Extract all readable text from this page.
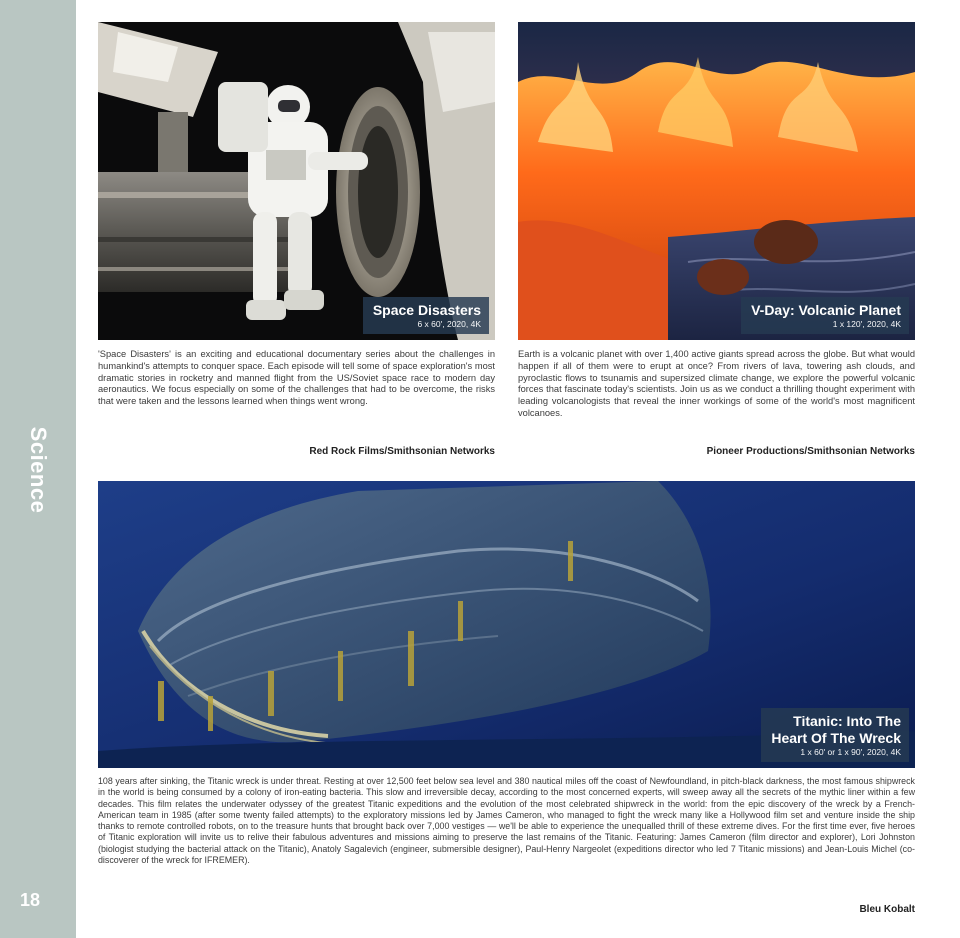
Science
18
Space Disasters
6 x 60', 2020, 4K
'Space Disasters' is an exciting and educational documentary series about the challenges in humankind's attempts to conquer space. Each episode will tell some of space exploration's most dramatic stories in rocketry and manned flight from the US/Soviet space race to modern day aeronautics. We focus especially on some of the challenges that had to be overcome, the risks that were taken and the lessons learned when things went wrong.
Red Rock Films/Smithsonian Networks
V-Day: Volcanic Planet
1 x 120', 2020, 4K
Earth is a volcanic planet with over 1,400 active giants spread across the globe. But what would happen if all of them were to erupt at once? From rivers of lava, towering ash clouds, and pyroclastic flows to tsunamis and supersized climate change, we explore the powerful volcanic forces that fascinate today's scientists. Join us as we conduct a thrilling thought experiment with leading volcanologists that reveal the inner workings of some of the world's most magnificent volcanoes.
Pioneer Productions/Smithsonian Networks
Titanic: Into The
Heart Of The Wreck
1 x 60' or 1 x 90', 2020, 4K
108 years after sinking, the Titanic wreck is under threat. Resting at over 12,500 feet below sea level and 380 nautical miles off the coast of Newfoundland, in pitch-black darkness, the most famous shipwreck in the world is being consumed by a colony of iron-eating bacteria. This slow and irreversible decay, according to the most concerned experts, will sweep away all the secrets of the mythic liner within a few decades. This film relates the underwater odyssey of the greatest Titanic expeditions and the evolution of the most celebrated shipwreck in the world: from the epic discovery of the wreck by a French-American team in 1985 (after some twenty failed attempts) to the exploratory missions led by James Cameron, who managed to fight the wreck many like a Hollywood film set and venture inside the ship thanks to remote controlled robots, on to the treasure hunts that brought back over 7,000 vestiges — we'll be able to experience the unequalled thrill of these extreme dives. For the first time ever, five heroes of Titanic exploration will invite us to relive their fabulous adventures and missions aiming to preserve the last remains of the Titanic. Featuring: James Cameron (film director and explorer), Lori Johnston (biologist studying the bacterial attack on the Titanic), Anatoly Sagalevich (engineer, submersible designer), Paul-Henry Nargeolet (expeditions director who led 7 Titanic missions) and Jean-Louis Michel (co-discoverer of the wreck for IFREMER).
Bleu Kobalt
